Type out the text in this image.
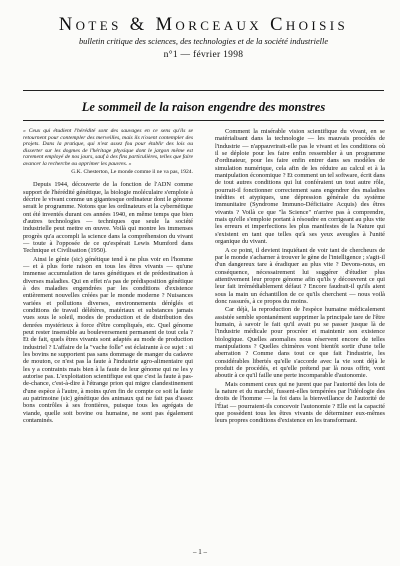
Notes & Morceaux Choisis
bulletin critique des sciences, des technologies et de la société industrielle
n°1 — février 1998
Le sommeil de la raison engendre des monstres
« Ceux qui étudient l'hérédité sont des sauvages en ce sens qu'ils se retournent pour contempler des merveilles, mais ils n'osent contempler des projets. Dans la pratique, qui n'est assez fou pour établir des lois ou disserter sur les dogmes de l'héritage physique dont le jargon même est rarement employé de nos jours, sauf à des fins particulières, telles que faire avancer la recherche ou opprimer les pauvres. »
G.K. Chesterton, Le monde comme il ne va pas, 1924.

Depuis 1944, découverte de la fonction de l'ADN comme support de l'hérédité génétique, la biologie moléculaire s'emploie à décrire le vivant comme un gigantesque ordinateur dont le génome serait le programme. Notons que les ordinateurs et la cybernétique ont été inventés durant ces années 1940, en même temps que bien d'autres technologies — techniques que seule la société industrielle peut mettre en œuvre. Voilà qui montre les immenses progrès qu'a accompli la science dans la compréhension du vivant — toute à l'opposée de ce qu'espérait Lewis Mumford dans Technique et Civilisation (1950).

Ainsi le génie (sic) génétique tend à ne plus voir en l'homme — et à plus forte raison en tous les êtres vivants — qu'une immense accumulation de tares génétiques et de prédestination à diverses maladies. Qui en effet n'a pas de prédisposition génétique à des maladies engendrées par les conditions d'existence entièrement nouvelles créées par le monde moderne ? Nuisances variées et pollutions diverses, environnements déréglés et conditions de travail délétères, matériaux et substances jamais vues sous le soleil, modes de production et de distribution des denrées mystérieux à force d'être compliqués, etc. Quel génome peut rester insensible au bouleversement permanent de tout cela ? Et de fait, quels êtres vivants sont adaptés au mode de production industriel ? L'affaire de la "vache folle" est éclairante à ce sujet : si les bovins ne supportent pas sans dommage de manger du cadavre de mouton, ce n'est pas la faute à l'industrie agro-alimentaire qui les y a contraints mais bien à la faute de leur génome qui ne les y autorise pas. L'exploitation scientifique est que c'est la faute à pas-de-chance, c'est-à-dire à l'étrange prion qui migre clandestinement d'une espèce à l'autre, à moins qu'en fin de compte ce soit la faute au patrimoine (sic) génétique des animaux qui ne fait pas d'assez bons contrôles à ses frontières, puisque tous les agrégats de viande, quelle soit bovine ou humaine, ne sont pas également contaminés.

Comment la misérable vision scientifique du vivant, en se matérialisant dans la technologie — les mauvais procédés de l'industrie — n'appauvrirait-elle pas le vivant et les conditions où il se déploie pour les faire enfin ressembler à un programme d'ordinateur, pour les faire enfin entrer dans ses modèles de simulation numérique, cela afin de les réduire au calcul et à la manipulation économique ? Et comment un tel software, écrit dans de tout autres conditions qui lui conféraient un tout autre rôle, pourrait-il fonctionner correctement sans engendrer des maladies inédites et atypiques, une dépression générale du système immunitaire (Syndrome Immuno-Déficitaire Acquis) des êtres vivants ? Voilà ce que "la Science" n'arrive pas à comprendre, mais qu'elle s'emploie portant à résoudre en corrigeant au plus vite les erreurs et imperfections les plus manifestes de la Nature qui s'existent en tant que telles qu'à ses yeux aveugles à l'unité organique du vivant.

A ce point, il devient inquiétant de voir tant de chercheurs de par le monde s'acharner à trouver le gène de l'intelligence ; s'agit-il d'un dangereux tare à éradiquer au plus vite ? Devons-nous, en conséquence, nécessairement lui suggérer d'étudier plus attentivement leur propre génome afin qu'ils y découvrent ce qui leur fait irrémédiablement défaut ? Encore faudrait-il qu'ils aient sous la main un échantillon de ce qu'ils cherchent — nous voilà donc rassurés, à ce propos du moins.

Car déjà, la reproduction de l'espèce humaine médicalement assistée semble spontanément supprimer la principale tare de l'être humain, à savoir le fait qu'il avait pu se passer jusque là de l'industrie médicale pour procréer et maintenir son existence biologique. Quelles anomalies nous réservent encore de telles manipulations ? Quelles chimères vont bientôt sortir d'une telle aberration ? Comme dans tout ce que fait l'industrie, les considérables libertés qu'elle s'accorde avec la vie sont déjà le produit de procédés, et qu'elle prétend par là nous offrir, vont aboutir à ce qu'il faille une perte incomparable d'autonomie.

Mais comment ceux qui ne jurent que par l'autorité des lois de la nature et du marché, fussent-elles tempérées par l'idéologie des droits de l'homme — la foi dans la bienveillance de l'autorité de l'État — pourraient-ils concevoir l'autonomie ? Elle est la capacité que possèdent tous les êtres vivants de déterminer eux-mêmes leurs propres conditions d'existence en les transformant.

– 1 –
